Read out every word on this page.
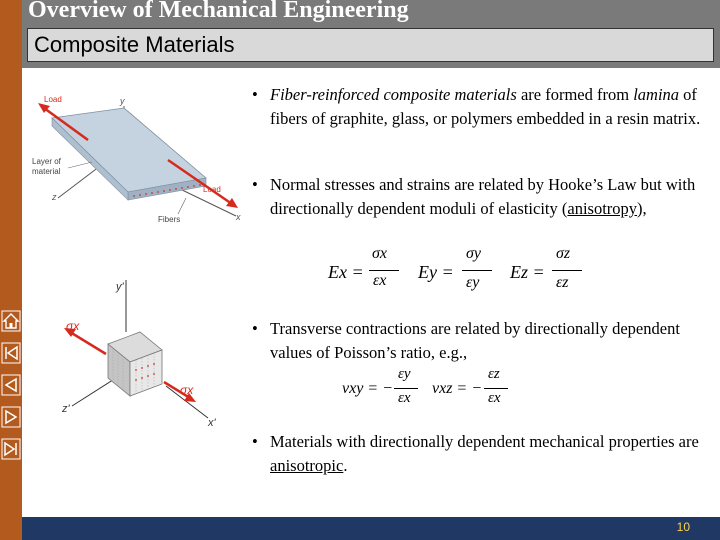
Overview of Mechanical Engineering
Composite Materials
y
z
x
Load
Load
Layer of
material
Fibers
y'
z'
x'
σx
σx
• Fiber-reinforced composite materials are formed from lamina of fibers of graphite, glass, or polymers embedded in a resin matrix.
• Normal stresses and strains are related by Hooke’s Law but with directionally dependent moduli of elasticity (anisotropy),
Ex =
σx
εx Ey =
σy
εy
Ez =
σz
εz
• Transverse contractions are related by directionally dependent values of Poisson’s ratio, e.g.,
νxy = −
εy
εx
νxz = −
εz
εx
• Materials with directionally dependent mechanical properties are anisotropic.
10
